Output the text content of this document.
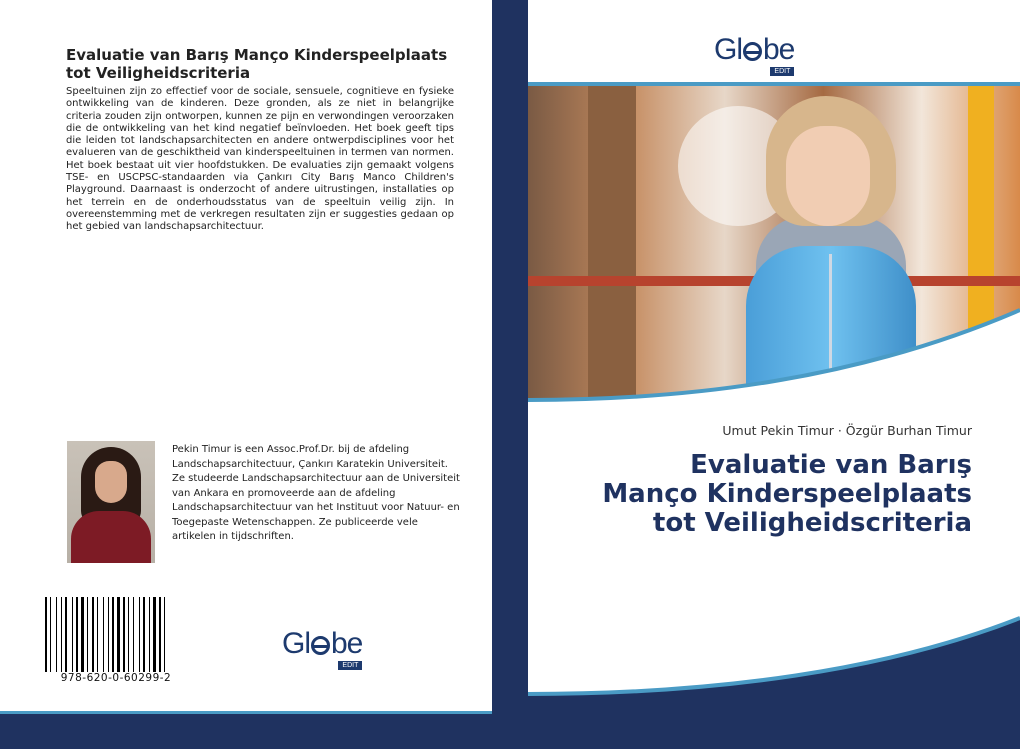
Evaluatie van Barış Manço Kinderspeelplaats tot Veiligheidscriteria

Speeltuinen zijn zo effectief voor de sociale, sensuele, cognitieve en fysieke ontwikkeling van de kinderen. Deze gronden, als ze niet in belangrijke criteria zouden zijn ontworpen, kunnen ze pijn en verwondingen veroorzaken die de ontwikkeling van het kind negatief beïnvloeden. Het boek geeft tips die leiden tot landschapsarchitecten en andere ontwerpdisciplines voor het evalueren van de geschiktheid van kinderspeeltuinen in termen van normen. Het boek bestaat uit vier hoofdstukken. De evaluaties zijn gemaakt volgens TSE- en USCPSC-standaarden via Çankırı City Barış Manco Children's Playground. Daarnaast is onderzocht of andere uitrustingen, installaties op het terrein en de onderhoudsstatus van de speeltuin veilig zijn. In overeenstemming met de verkregen resultaten zijn er suggesties gedaan op het gebied van landschapsarchitectuur.

Pekin Timur is een Assoc.Prof.Dr. bij de afdeling Landschapsarchitectuur, Çankırı Karatekin Universiteit. Ze studeerde Landschapsarchitectuur aan de Universiteit van Ankara en promoveerde aan de afdeling Landschapsarchitectuur van het Instituut voor Natuur- en Toegepaste Wetenschappen. Ze publiceerde vele artikelen in tijdschriften.

978-620-0-60299-2
Gl be
EDIT
Gl be
EDIT

Umut Pekin Timur · Özgür Burhan Timur

Evaluatie van Barış Manço Kinderspeelplaats tot Veiligheidscriteria
